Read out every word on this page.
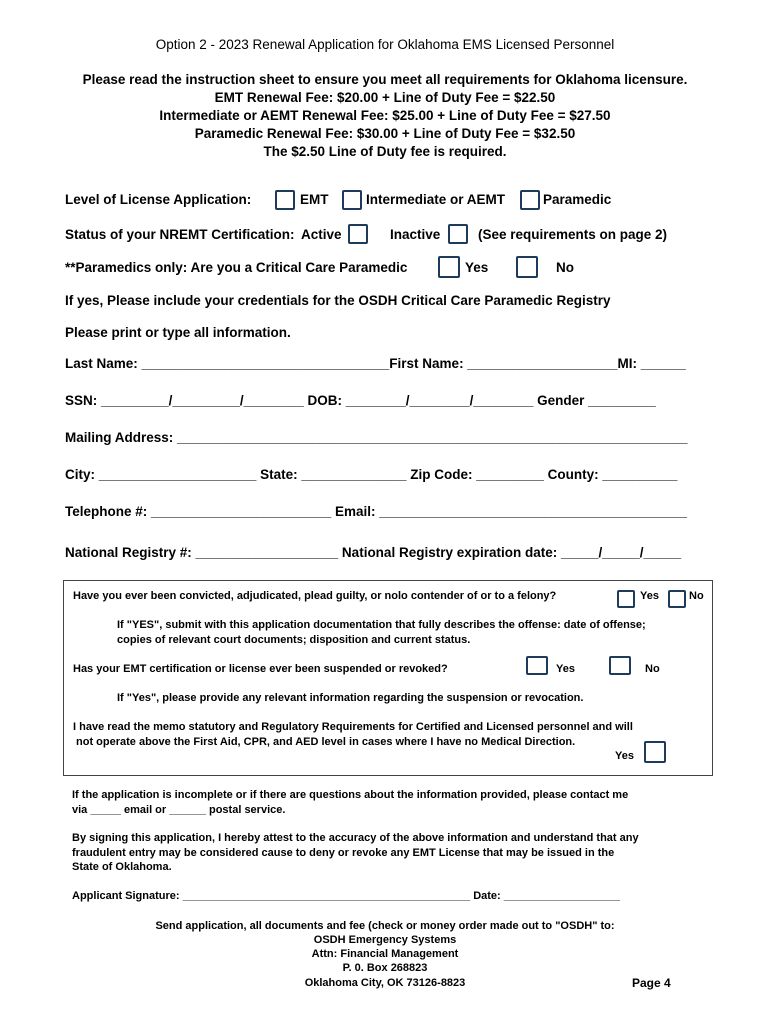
Option 2 - 2023 Renewal Application for Oklahoma EMS Licensed Personnel
Please read the instruction sheet to ensure you meet all requirements for Oklahoma licensure.
EMT Renewal Fee: $20.00 + Line of Duty Fee = $22.50
Intermediate or AEMT Renewal Fee: $25.00 + Line of Duty Fee = $27.50
Paramedic Renewal Fee: $30.00 + Line of Duty Fee = $32.50
The $2.50 Line of Duty fee is required.
Level of License Application:	EMT	Intermediate or AEMT	Paramedic
Status of your NREMT Certification: Active	Inactive	(See requirements on page 2)
**Paramedics only: Are you a Critical Care Paramedic	Yes	No
If yes, Please include your credentials for the OSDH Critical Care Paramedic Registry
Please print or type all information.
Last Name: _________________________________First Name: ____________________MI: ______
SSN: _________/_________/________ DOB: ________/________/________ Gender _________
Mailing Address: ____________________________________________________________________
City: _____________________ State: ______________ Zip Code: _________ County: __________
Telephone #: ________________________ Email: _________________________________________
National Registry #: ___________________ National Registry expiration date: _____/_____/_____
Have you ever been convicted, adjudicated, plead guilty, or nolo contender of or to a felony?	Yes	No
If "YES", submit with this application documentation that fully describes the offense: date of offense;
copies of relevant court documents; disposition and current status.
Has your EMT certification or license ever been suspended or revoked?	Yes	No
If "Yes", please provide any relevant information regarding the suspension or revocation.
I have read the memo statutory and Regulatory Requirements for Certified and Licensed personnel and will
not operate above the First Aid, CPR, and AED level in cases where I have no Medical Direction.
Yes
If the application is incomplete or if there are questions about the information provided, please contact me
via _____ email or ______ postal service.
By signing this application, I hereby attest to the accuracy of the above information and understand that any
fraudulent entry may be considered cause to deny or revoke any EMT License that may be issued in the
State of Oklahoma.
Applicant Signature: _______________________________________________ Date: ___________________
Send application, all documents and fee (check or money order made out to "OSDH" to:
OSDH Emergency Systems
Attn: Financial Management
P. 0. Box 268823
Oklahoma City, OK 73126-8823	Page 4
